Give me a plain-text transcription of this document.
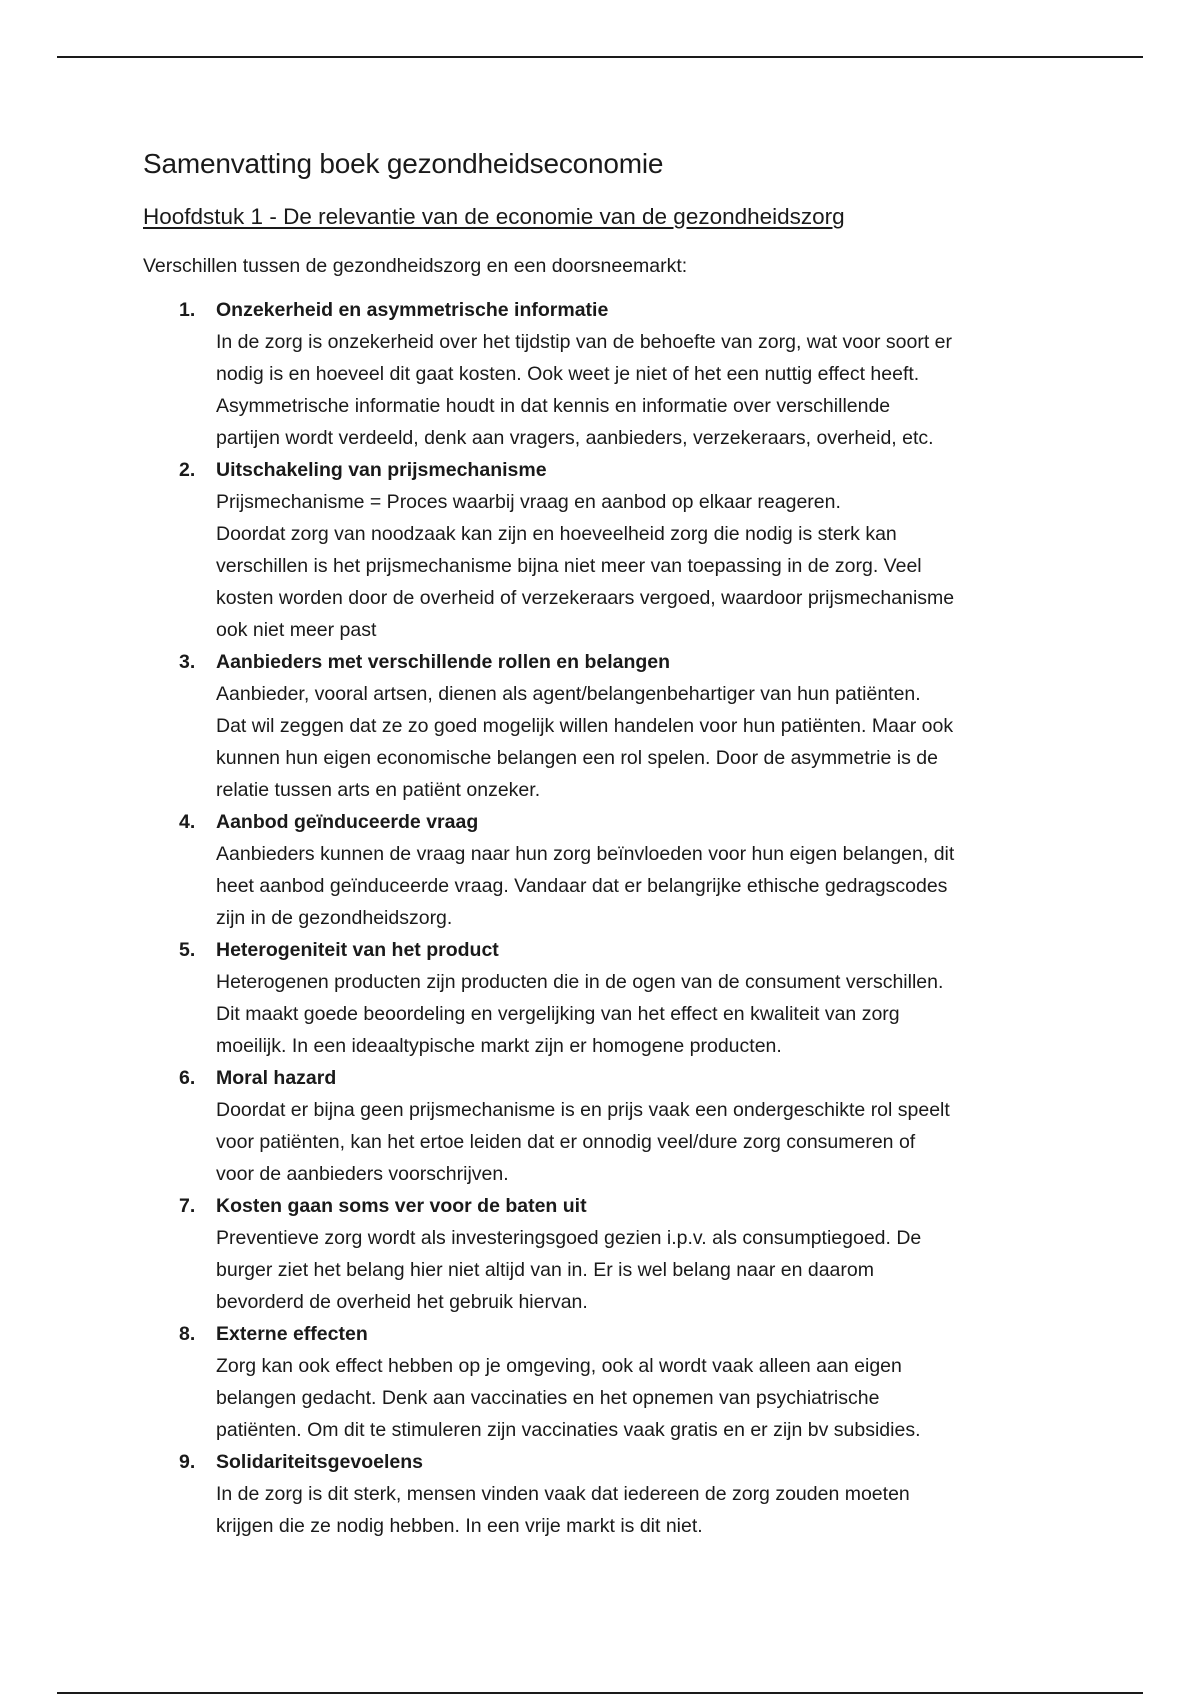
Samenvatting boek gezondheidseconomie
Hoofdstuk 1 - De relevantie van de economie van de gezondheidszorg

Verschillen tussen de gezondheidszorg en een doorsneemarkt:

1. Onzekerheid en asymmetrische informatie
In de zorg is onzekerheid over het tijdstip van de behoefte van zorg, wat voor soort er
nodig is en hoeveel dit gaat kosten. Ook weet je niet of het een nuttig effect heeft.
Asymmetrische informatie houdt in dat kennis en informatie over verschillende
partijen wordt verdeeld, denk aan vragers, aanbieders, verzekeraars, overheid, etc.
2. Uitschakeling van prijsmechanisme
Prijsmechanisme = Proces waarbij vraag en aanbod op elkaar reageren.
Doordat zorg van noodzaak kan zijn en hoeveelheid zorg die nodig is sterk kan
verschillen is het prijsmechanisme bijna niet meer van toepassing in de zorg. Veel
kosten worden door de overheid of verzekeraars vergoed, waardoor prijsmechanisme
ook niet meer past
3. Aanbieders met verschillende rollen en belangen
Aanbieder, vooral artsen, dienen als agent/belangenbehartiger van hun patiënten.
Dat wil zeggen dat ze zo goed mogelijk willen handelen voor hun patiënten. Maar ook
kunnen hun eigen economische belangen een rol spelen. Door de asymmetrie is de
relatie tussen arts en patiënt onzeker.
4. Aanbod geïnduceerde vraag
Aanbieders kunnen de vraag naar hun zorg beïnvloeden voor hun eigen belangen, dit
heet aanbod geïnduceerde vraag. Vandaar dat er belangrijke ethische gedragscodes
zijn in de gezondheidszorg.
5. Heterogeniteit van het product
Heterogenen producten zijn producten die in de ogen van de consument verschillen.
Dit maakt goede beoordeling en vergelijking van het effect en kwaliteit van zorg
moeilijk. In een ideaaltypische markt zijn er homogene producten.
6. Moral hazard
Doordat er bijna geen prijsmechanisme is en prijs vaak een ondergeschikte rol speelt
voor patiënten, kan het ertoe leiden dat er onnodig veel/dure zorg consumeren of
voor de aanbieders voorschrijven.
7. Kosten gaan soms ver voor de baten uit
Preventieve zorg wordt als investeringsgoed gezien i.p.v. als consumptiegoed. De
burger ziet het belang hier niet altijd van in. Er is wel belang naar en daarom
bevorderd de overheid het gebruik hiervan.
8. Externe effecten
Zorg kan ook effect hebben op je omgeving, ook al wordt vaak alleen aan eigen
belangen gedacht. Denk aan vaccinaties en het opnemen van psychiatrische
patiënten. Om dit te stimuleren zijn vaccinaties vaak gratis en er zijn bv subsidies.
9. Solidariteitsgevoelens
In de zorg is dit sterk, mensen vinden vaak dat iedereen de zorg zouden moeten
krijgen die ze nodig hebben. In een vrije markt is dit niet.
